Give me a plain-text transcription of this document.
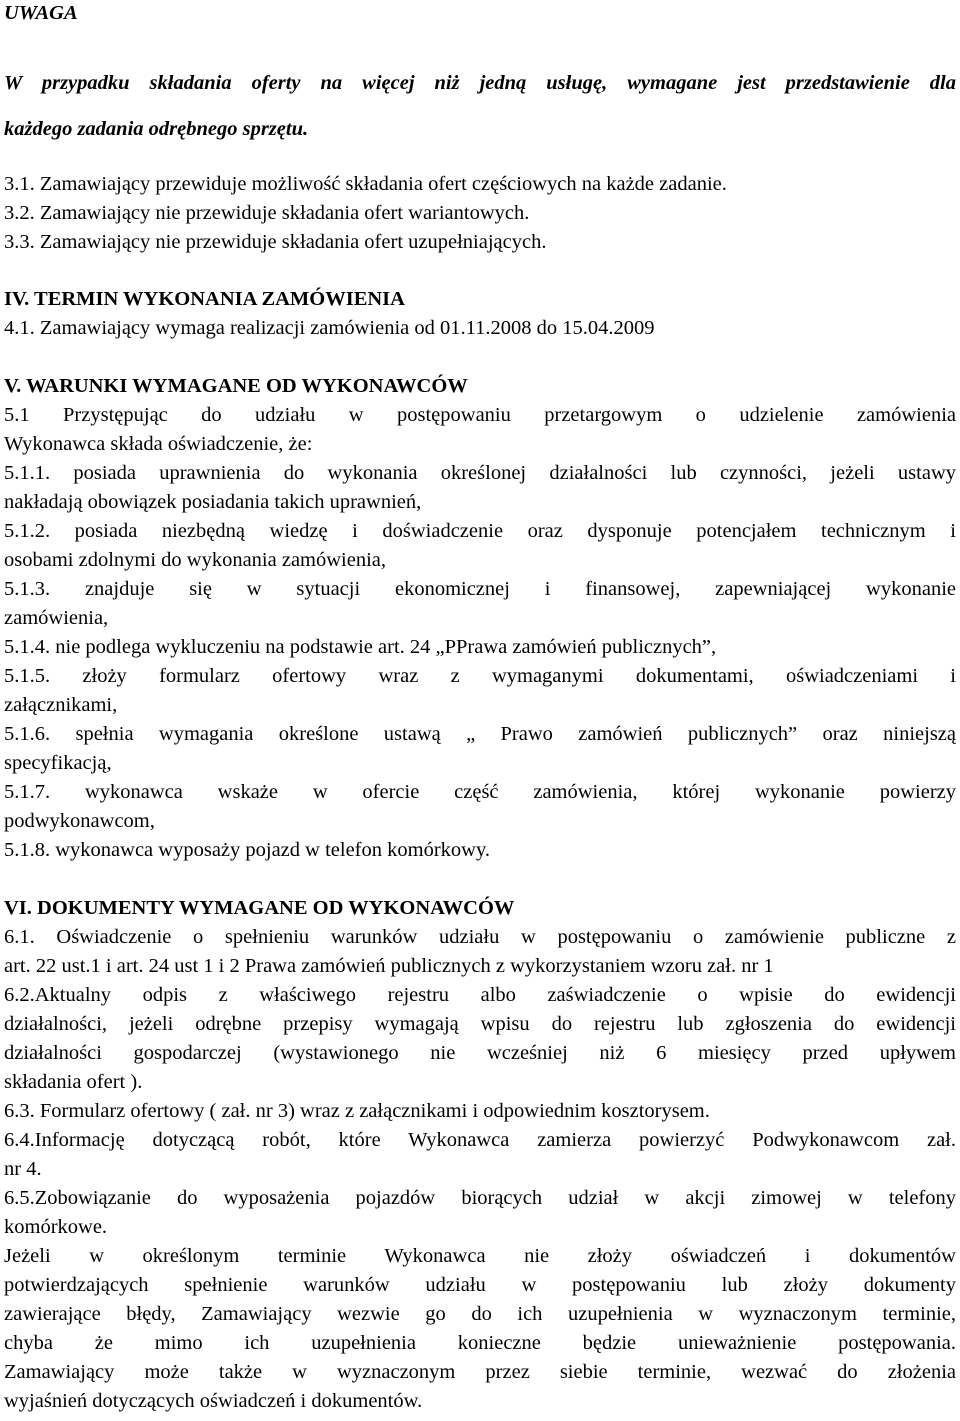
UWAGA
W przypadku składania oferty na więcej niż jedną usługę, wymagane jest przedstawienie dla
każdego zadania odrębnego sprzętu.
3.1. Zamawiający przewiduje możliwość składania ofert częściowych na każde zadanie.
3.2. Zamawiający nie przewiduje składania ofert wariantowych.
3.3. Zamawiający nie przewiduje składania ofert uzupełniających.
IV. TERMIN WYKONANIA ZAMÓWIENIA
4.1. Zamawiający wymaga realizacji zamówienia od 01.11.2008 do 15.04.2009
V. WARUNKI WYMAGANE OD WYKONAWCÓW
5.1 Przystępując do udziału w postępowaniu przetargowym o udzielenie zamówienia
Wykonawca składa oświadczenie, że:
5.1.1. posiada uprawnienia do wykonania określonej działalności lub czynności, jeżeli ustawy
nakładają obowiązek posiadania takich uprawnień,
5.1.2. posiada niezbędną wiedzę i doświadczenie oraz dysponuje potencjałem technicznym i
osobami zdolnymi do wykonania zamówienia,
5.1.3. znajduje się w sytuacji ekonomicznej i finansowej, zapewniającej wykonanie
zamówienia,
5.1.4. nie podlega wykluczeniu na podstawie art. 24 „PPrawa zamówień publicznych”,
5.1.5. złoży formularz ofertowy wraz z wymaganymi dokumentami, oświadczeniami i
załącznikami,
5.1.6. spełnia wymagania określone ustawą „ Prawo zamówień publicznych” oraz niniejszą
specyfikacją,
5.1.7. wykonawca wskaże w ofercie część zamówienia, której wykonanie powierzy
podwykonawcom,
5.1.8. wykonawca wyposaży pojazd w telefon komórkowy.
VI. DOKUMENTY WYMAGANE OD WYKONAWCÓW
6.1. Oświadczenie o spełnieniu warunków udziału w postępowaniu o zamówienie publiczne z
art. 22 ust.1 i art. 24 ust 1 i 2 Prawa zamówień publicznych z wykorzystaniem wzoru zał. nr 1
6.2.Aktualny odpis z właściwego rejestru albo zaświadczenie o wpisie do ewidencji
działalności, jeżeli odrębne przepisy wymagają wpisu do rejestru lub zgłoszenia do ewidencji
działalności gospodarczej (wystawionego nie wcześniej niż 6 miesięcy przed upływem
składania ofert ).
6.3. Formularz ofertowy ( zał. nr 3) wraz z załącznikami i odpowiednim kosztorysem.
6.4.Informację dotyczącą robót, które Wykonawca zamierza powierzyć Podwykonawcom zał.
nr 4.
6.5.Zobowiązanie do wyposażenia pojazdów biorących udział w akcji zimowej w telefony
komórkowe.
Jeżeli w określonym terminie Wykonawca nie złoży oświadczeń i dokumentów
potwierdzających spełnienie warunków udziału w postępowaniu lub złoży dokumenty
zawierające błędy, Zamawiający wezwie go do ich uzupełnienia w wyznaczonym terminie,
chyba że mimo ich uzupełnienia konieczne będzie unieważnienie postępowania.
Zamawiający może także w wyznaczonym przez siebie terminie, wezwać do złożenia
wyjaśnień dotyczących oświadczeń i dokumentów.
